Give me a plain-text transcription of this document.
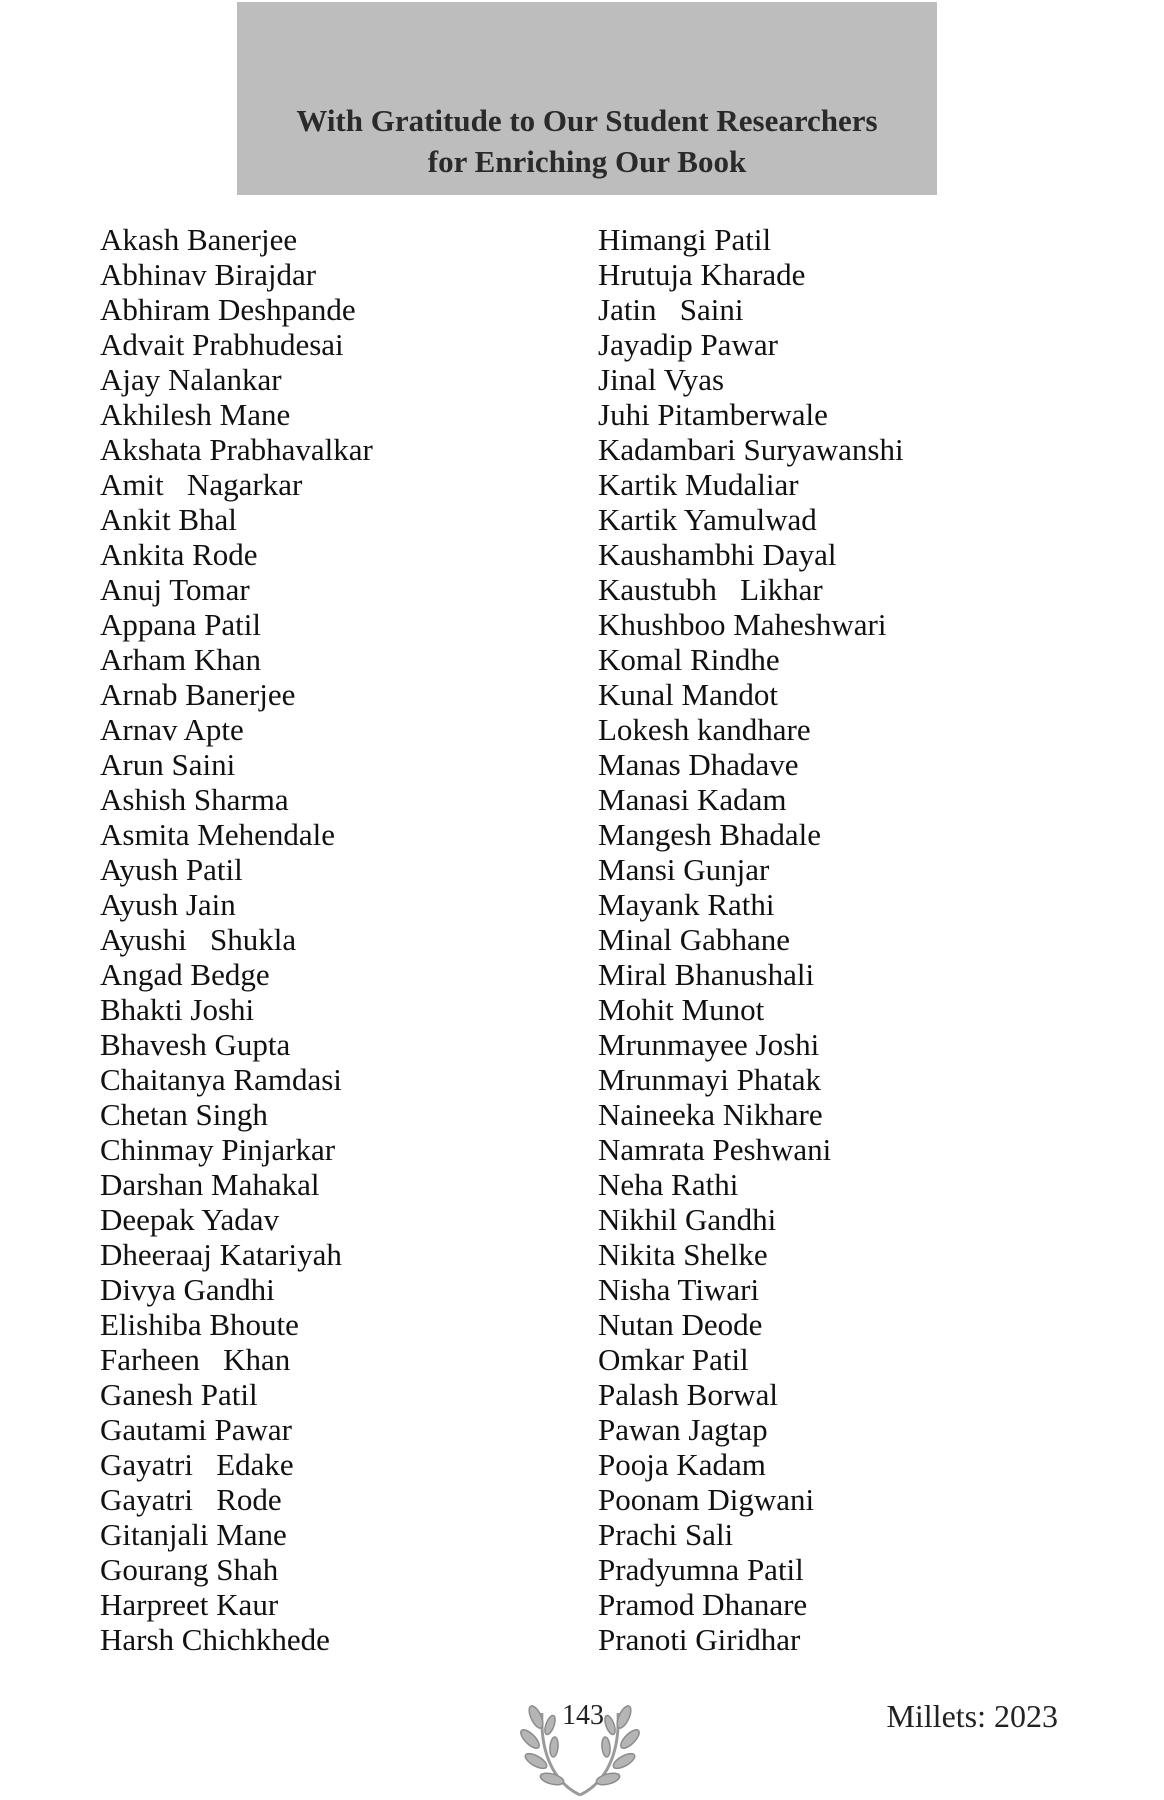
With Gratitude to Our Student Researchers
for Enriching Our Book
Akash Banerjee
Abhinav Birajdar
Abhiram Deshpande
Advait Prabhudesai
Ajay Nalankar
Akhilesh Mane
Akshata Prabhavalkar
Amit   Nagarkar
Ankit Bhal
Ankita Rode
Anuj Tomar
Appana Patil
Arham Khan
Arnab Banerjee
Arnav Apte
Arun Saini
Ashish Sharma
Asmita Mehendale
Ayush Patil
Ayush Jain
Ayushi   Shukla
Angad Bedge
Bhakti Joshi
Bhavesh Gupta
Chaitanya Ramdasi
Chetan Singh
Chinmay Pinjarkar
Darshan Mahakal
Deepak Yadav
Dheeraaj Katariyah
Divya Gandhi
Elishiba Bhoute
Farheen   Khan
Ganesh Patil
Gautami Pawar
Gayatri   Edake
Gayatri   Rode
Gitanjali Mane
Gourang Shah
Harpreet Kaur
Harsh Chichkhede
Himangi Patil
Hrutuja Kharade
Jatin   Saini
Jayadip Pawar
Jinal Vyas
Juhi Pitamberwale
Kadambari Suryawanshi
Kartik Mudaliar
Kartik Yamulwad
Kaushambhi Dayal
Kaustubh   Likhar
Khushboo Maheshwari
Komal Rindhe
Kunal Mandot
Lokesh kandhare
Manas Dhadave
Manasi Kadam
Mangesh Bhadale
Mansi Gunjar
Mayank Rathi
Minal Gabhane
Miral Bhanushali
Mohit Munot
Mrunmayee Joshi
Mrunmayi Phatak
Naineeka Nikhare
Namrata Peshwani
Neha Rathi
Nikhil Gandhi
Nikita Shelke
Nisha Tiwari
Nutan Deode
Omkar Patil
Palash Borwal
Pawan Jagtap
Pooja Kadam
Poonam Digwani
Prachi Sali
Pradyumna Patil
Pramod Dhanare
Pranoti Giridhar
143	Millets: 2023
